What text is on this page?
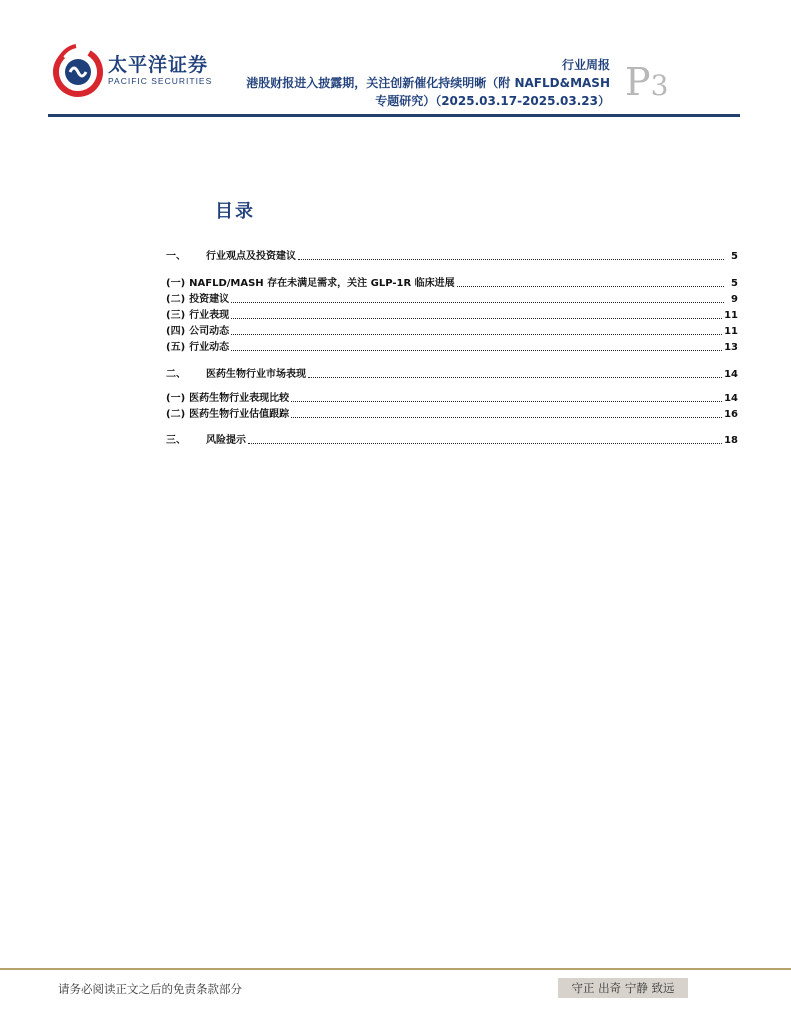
太平洋证券
PACIFIC SECURITIES
行业周报
港股财报进入披露期，关注创新催化持续明晰（附 NAFLD&MASH
专题研究）（2025.03.17-2025.03.23） P3
目录
一、	行业观点及投资建议	5
(一) NAFLD/MASH 存在未满足需求，关注 GLP-1R 临床进展	5
(二) 投资建议	9
(三) 行业表现	11
(四) 公司动态	11
(五) 行业动态	13
二、	医药生物行业市场表现	14
(一) 医药生物行业表现比较	14
(二) 医药生物行业估值跟踪	16
三、	风险提示	18
请务必阅读正文之后的免责条款部分	守正 出奇 宁静 致远
